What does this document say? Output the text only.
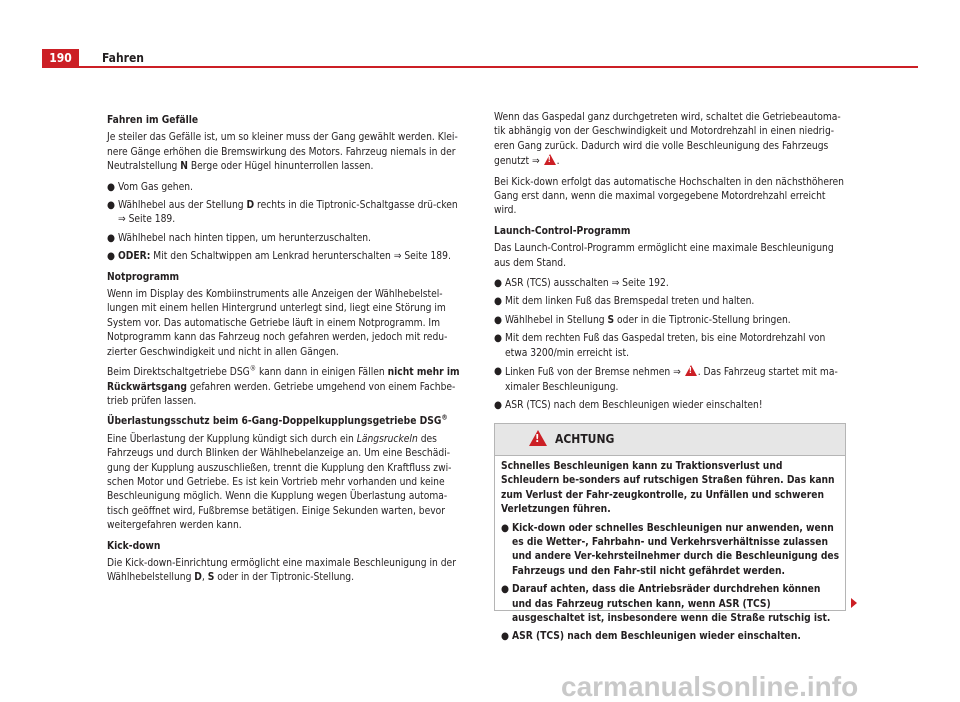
190	Fahren

Fahren im Gefälle

Je steiler das Gefälle ist, um so kleiner muss der Gang gewählt werden. Klei-nere Gänge erhöhen die Bremswirkung des Motors. Fahrzeug niemals in der Neutralstellung N Berge oder Hügel hinunterrollen lassen.

● Vom Gas gehen.
● Wählhebel aus der Stellung D rechts in die Tiptronic-Schaltgasse drü-cken ⇒ Seite 189.
● Wählhebel nach hinten tippen, um herunterzuschalten.
● ODER: Mit den Schaltwippen am Lenkrad herunterschalten ⇒ Seite 189.

Notprogramm

Wenn im Display des Kombiinstruments alle Anzeigen der Wählhebelstel-lungen mit einem hellen Hintergrund unterlegt sind, liegt eine Störung im System vor. Das automatische Getriebe läuft in einem Notprogramm. Im Notprogramm kann das Fahrzeug noch gefahren werden, jedoch mit redu-zierter Geschwindigkeit und nicht in allen Gängen.

Beim Direktschaltgetriebe DSG® kann dann in einigen Fällen nicht mehr im Rückwärtsgang gefahren werden. Getriebe umgehend von einem Fachbe-trieb prüfen lassen.

Überlastungsschutz beim 6-Gang-Doppelkupplungsgetriebe DSG®

Eine Überlastung der Kupplung kündigt sich durch ein Längsruckeln des Fahrzeugs und durch Blinken der Wählhebelanzeige an. Um eine Beschädi-gung der Kupplung auszuschließen, trennt die Kupplung den Kraftfluss zwi-schen Motor und Getriebe. Es ist kein Vortrieb mehr vorhanden und keine Beschleunigung möglich. Wenn die Kupplung wegen Überlastung automa-tisch geöffnet wird, Fußbremse betätigen. Einige Sekunden warten, bevor weitergefahren werden kann.

Kick-down

Die Kick-down-Einrichtung ermöglicht eine maximale Beschleunigung in der Wählhebelstellung D, S oder in der Tiptronic-Stellung.

Wenn das Gaspedal ganz durchgetreten wird, schaltet die Getriebeautoma-tik abhängig von der Geschwindigkeit und Motordrehzahl in einen niedrig-eren Gang zurück. Dadurch wird die volle Beschleunigung des Fahrzeugs genutzt ⇒ !.

Bei Kick-down erfolgt das automatische Hochschalten in den nächsthöheren Gang erst dann, wenn die maximal vorgegebene Motordrehzahl erreicht wird.

Launch-Control-Programm

Das Launch-Control-Programm ermöglicht eine maximale Beschleunigung aus dem Stand.

● ASR (TCS) ausschalten ⇒ Seite 192.
● Mit dem linken Fuß das Bremspedal treten und halten.
● Wählhebel in Stellung S oder in die Tiptronic-Stellung bringen.
● Mit dem rechten Fuß das Gaspedal treten, bis eine Motordrehzahl von etwa 3200/min erreicht ist.
● Linken Fuß von der Bremse nehmen ⇒ !. Das Fahrzeug startet mit ma-ximaler Beschleunigung.
● ASR (TCS) nach dem Beschleunigen wieder einschalten!
! ACHTUNG

Schnelles Beschleunigen kann zu Traktionsverlust und Schleudern be-sonders auf rutschigen Straßen führen. Das kann zum Verlust der Fahr-zeugkontrolle, zu Unfällen und schweren Verletzungen führen.

● Kick-down oder schnelles Beschleunigen nur anwenden, wenn es die Wetter-, Fahrbahn- und Verkehrsverhältnisse zulassen und andere Ver-kehrsteilnehmer durch die Beschleunigung des Fahrzeugs und den Fahr-stil nicht gefährdet werden.
● Darauf achten, dass die Antriebsräder durchdrehen können und das Fahrzeug rutschen kann, wenn ASR (TCS) ausgeschaltet ist, insbesondere wenn die Straße rutschig ist.
● ASR (TCS) nach dem Beschleunigen wieder einschalten.
carmanualsonline.info
